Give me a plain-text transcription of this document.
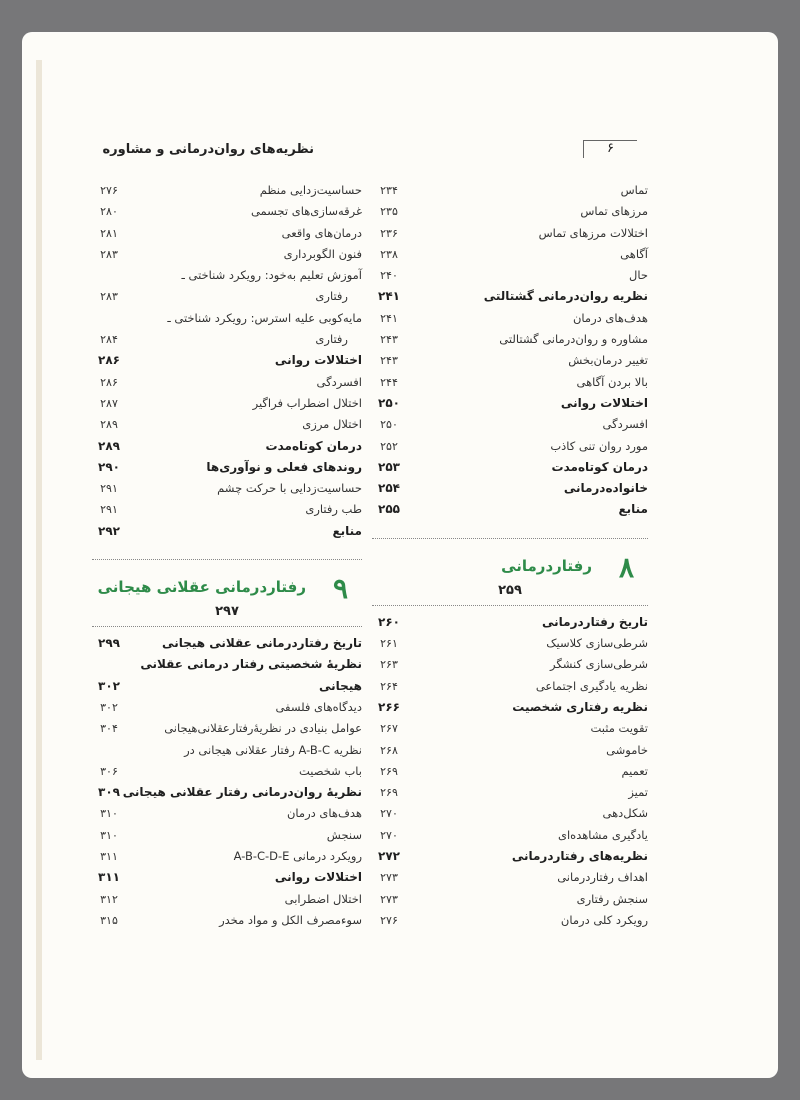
نظریه‌های روان‌درمانی و مشاوره	۶
تماس
۲۳۴
مرزهای تماس
۲۳۵
اختلالات مرزهای تماس
۲۳۶
آگاهی
۲۳۸
حال
۲۴۰
نظریه روان‌درمانی گشتالتی
۲۴۱
هدف‌های درمان
۲۴۱
مشاوره و روان‌درمانی گشتالتی
۲۴۳
تغییر درمان‌بخش
۲۴۳
بالا بردن آگاهی
۲۴۴
اختلالات روانی
۲۵۰
افسردگی
۲۵۰
مورد روان تنی کاذب
۲۵۲
درمان کوتاه‌مدت
۲۵۳
خانواده‌درمانی
۲۵۴
منابع
۲۵۵
۸
رفتاردرمانی
۲۵۹
تاریخ رفتاردرمانی
۲۶۰
شرطی‌سازی کلاسیک
۲۶۱
شرطی‌سازی کنشگر
۲۶۳
نظریه یادگیری اجتماعی
۲۶۴
نظریه رفتاری شخصیت
۲۶۶
تقویت مثبت
۲۶۷
خاموشی
۲۶۸
تعمیم
۲۶۹
تمیز
۲۶۹
شکل‌دهی
۲۷۰
یادگیری مشاهده‌ای
۲۷۰
نظریه‌های رفتاردرمانی
۲۷۲
اهداف رفتاردرمانی
۲۷۳
سنجش رفتاری
۲۷۳
رویکرد کلی درمان
۲۷۶
حساسیت‌زدایی منظم
۲۷۶
غرقه‌سازی‌های تجسمی
۲۸۰
درمان‌های واقعی
۲۸۱
فنون الگوبرداری
۲۸۳
آموزش تعلیم به‌خود: رویکرد شناختی ـ
رفتاری
۲۸۳
مایه‌کوبی علیه استرس: رویکرد شناختی ـ
رفتاری
۲۸۴
اختلالات روانی
۲۸۶
افسردگی
۲۸۶
اختلال اضطراب فراگیر
۲۸۷
اختلال مرزی
۲۸۹
درمان کوتاه‌مدت
۲۸۹
روندهای فعلی و نوآوری‌ها
۲۹۰
حساسیت‌زدایی با حرکت چشم
۲۹۱
طب رفتاری
۲۹۱
منابع
۲۹۲
۹
رفتاردرمانی عقلانی هیجانی
۲۹۷
تاریخ رفتاردرمانی عقلانی هیجانی
۲۹۹
نظریهٔ شخصیتی رفتار درمانی عقلانی
هیجانی
۳۰۲
دیدگاه‌های فلسفی
۳۰۲
عوامل بنیادی در نظریهٔ‌رفتارعقلانی‌هیجانی
۳۰۴
نظریه A-B-C رفتار عقلانی هیجانی در
باب شخصیت
۳۰۶
نظریهٔ روان‌درمانی رفتار عقلانی هیجانی
۳۰۹
هدف‌های درمان
۳۱۰
سنجش
۳۱۰
رویکرد درمانی A-B-C-D-E
۳۱۱
اختلالات روانی
۳۱۱
اختلال اضطرابی
۳۱۲
سوءمصرف الکل و مواد مخدر
۳۱۵
